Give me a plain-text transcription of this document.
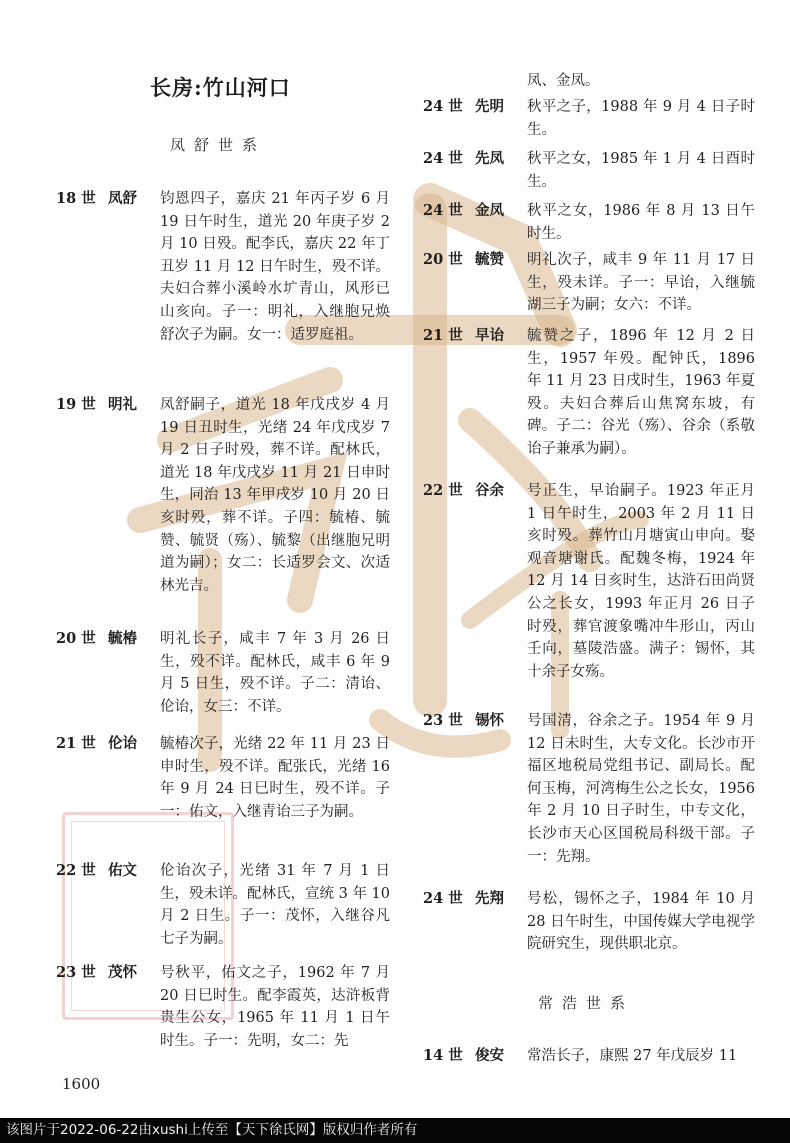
长房:竹山河口
凤舒世系
18 世 凤舒	钧恩四子，嘉庆 21 年丙子岁 6 月 19 日午时生，道光 20 年庚子岁 2 月 10 日殁。配李氏，嘉庆 22 年丁丑岁 11 月 12 日午时生，殁不详。夫妇合葬小溪岭水圹青山，风形已山亥向。子一：明礼，入继胞兄焕舒次子为嗣。女一：适罗庭祖。
19 世 明礼	凤舒嗣子，道光 18 年戊戌岁 4 月 19 日丑时生，光绪 24 年戊戌岁 7 月 2 日子时殁，葬不详。配林氏，道光 18 年戊戌岁 11 月 21 日申时生，同治 13 年甲戌岁 10 月 20 日亥时殁，葬不详。子四：毓椿、毓赞、毓贤（殇）、毓黎（出继胞兄明道为嗣）；女二：长适罗会文、次适林光吉。
20 世 毓椿	明礼长子，咸丰 7 年 3 月 26 日生，殁不详。配林氏，咸丰 6 年 9 月 5 日生，殁不详。子二：清诒、伦诒，女三：不详。
21 世 伦诒	毓椿次子，光绪 22 年 11 月 23 日申时生，殁不详。配张氏，光绪 16 年 9 月 24 日巳时生，殁不详。子一：佑文，入继青诒三子为嗣。
22 世 佑文	伦诒次子，光绪 31 年 7 月 1 日生，殁未详。配林氏，宣统 3 年 10 月 2 日生。子一：茂怀，入继谷凡七子为嗣。
23 世 茂怀	号秋平，佑文之子，1962 年 7 月 20 日巳时生。配李霞英，达浒板背贵生公女，1965 年 11 月 1 日午时生。子一：先明，女二：先
1600
凤、金凤。
24 世 先明	秋平之子，1988 年 9 月 4 日子时生。
24 世 先凤	秋平之女，1985 年 1 月 4 日酉时生。
24 世 金凤	秋平之女，1986 年 8 月 13 日午时生。
20 世 毓赞	明礼次子，咸丰 9 年 11 月 17 日生，殁未详。子一：早诒，入继毓湖三子为嗣；女六：不详。
21 世 早诒	毓赞之子，1896 年 12 月 2 日生，1957 年殁。配钟氏，1896 年 11 月 23 日戌时生，1963 年夏殁。夫妇合葬后山焦窝东坡，有碑。子二：谷光（殇）、谷余（系敬诒子兼承为嗣）。
22 世 谷余	号正生，早诒嗣子。1923 年正月 1 日午时生，2003 年 2 月 11 日亥时殁。葬竹山月塘寅山申向。娶观音塘谢氏。配魏冬梅，1924 年 12 月 14 日亥时生，达浒石田尚贤公之长女，1993 年正月 26 日子时殁，葬官渡象嘴冲牛形山，丙山壬向，墓陵浩盛。满子：锡怀，其十余子女殇。
23 世 锡怀	号国清，谷余之子。1954 年 9 月 12 日未时生，大专文化。长沙市开福区地税局党组书记、副局长。配何玉梅，河湾梅生公之长女，1956 年 2 月 10 日子时生，中专文化，长沙市天心区国税局科级干部。子一：先翔。
24 世 先翔	号松，锡怀之子，1984 年 10 月 28 日午时生，中国传媒大学电视学院研究生，现供职北京。
常浩世系
14 世 俊安	常浩长子，康熙 27 年戊辰岁 11
该图片于2022-06-22由xushi上传至【天下徐氏网】版权归作者所有
